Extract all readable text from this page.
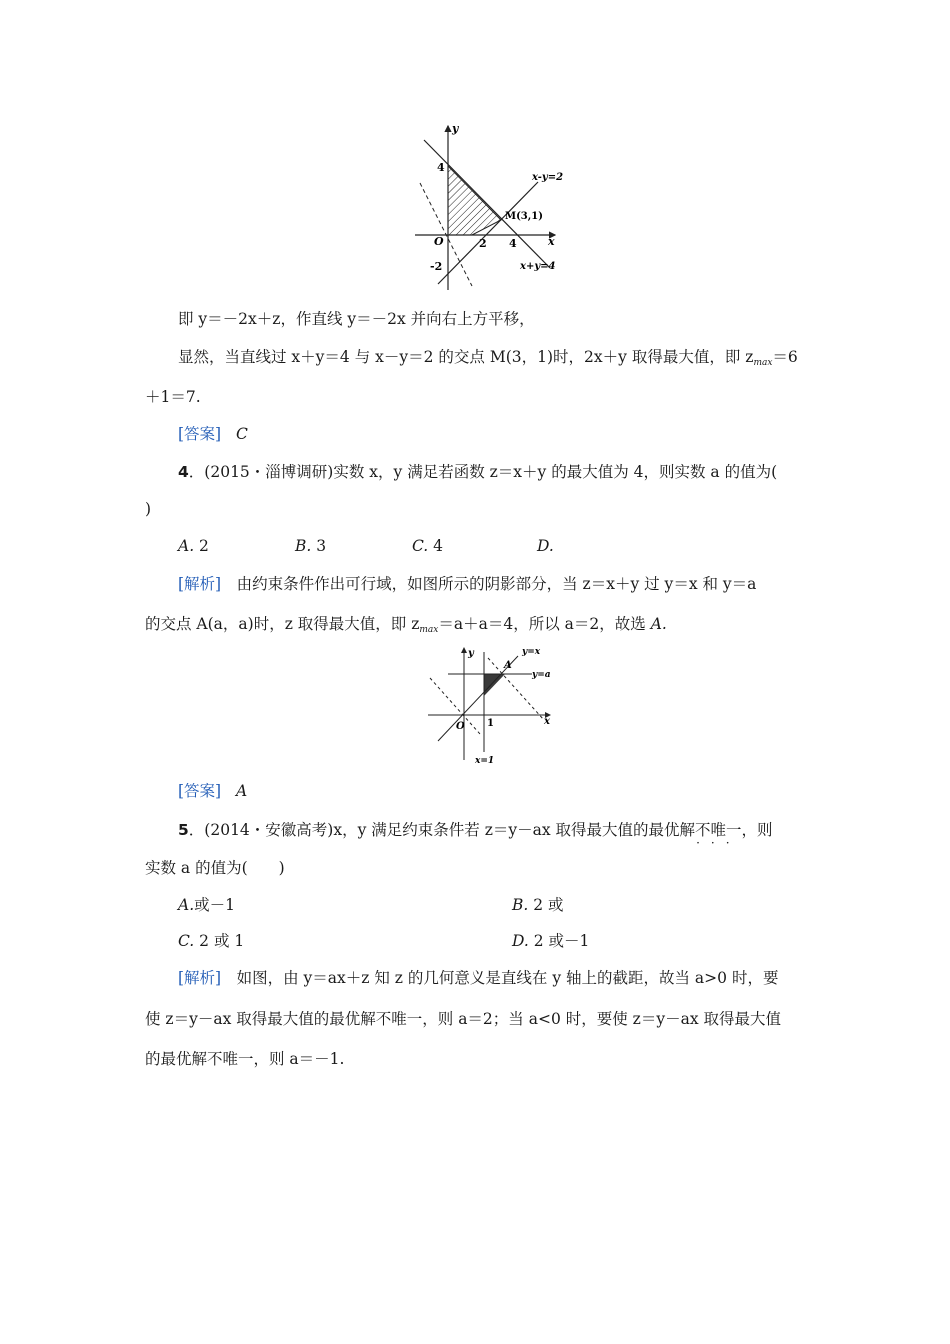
y
x
4
O	2 4
-2
x-y=2
x+y=4
M(3,1)
即 y＝－2x＋z，作直线 y＝－2x 并向右上方平移，
显然，当直线过 x＋y＝4 与 x－y＝2 的交点 M(3，1)时，2x＋y 取得最大值，即 $z_{max}=6$
＋1＝7.
[答案] C
4．(2015・淄博调研)实数 x，y 满足若函数 z＝x＋y 的最大值为 4，则实数 a 的值为(
)
A. 2	B. 3	C. 4	D.
[解析]　由约束条件作出可行域，如图所示的阴影部分，当 z＝x＋y 过 y＝x 和 y＝a
的交点 A(a，a)时，z 取得最大值，即 $z_{max}=a+a=4$，所以 a＝2，故选 A.
y
x
O 1
A
y=x
y=a
x=1
[答案] A
5．(2014・安徽高考)x，y 满足约束条件若 z＝y－ax 取得最大值的最优解不唯一
···
，则
实数 a 的值为(　　)
A.或－1	B. 2 或
C. 2 或 1	D. 2 或－1
[解析]　如图，由 y＝ax＋z 知 z 的几何意义是直线在 y 轴上的截距，故当 a>0 时，要
使 z＝y－ax 取得最大值的最优解不唯一，则 a＝2；当 a<0 时，要使 z＝y－ax 取得最大值
的最优解不唯一，则 a＝－1.
